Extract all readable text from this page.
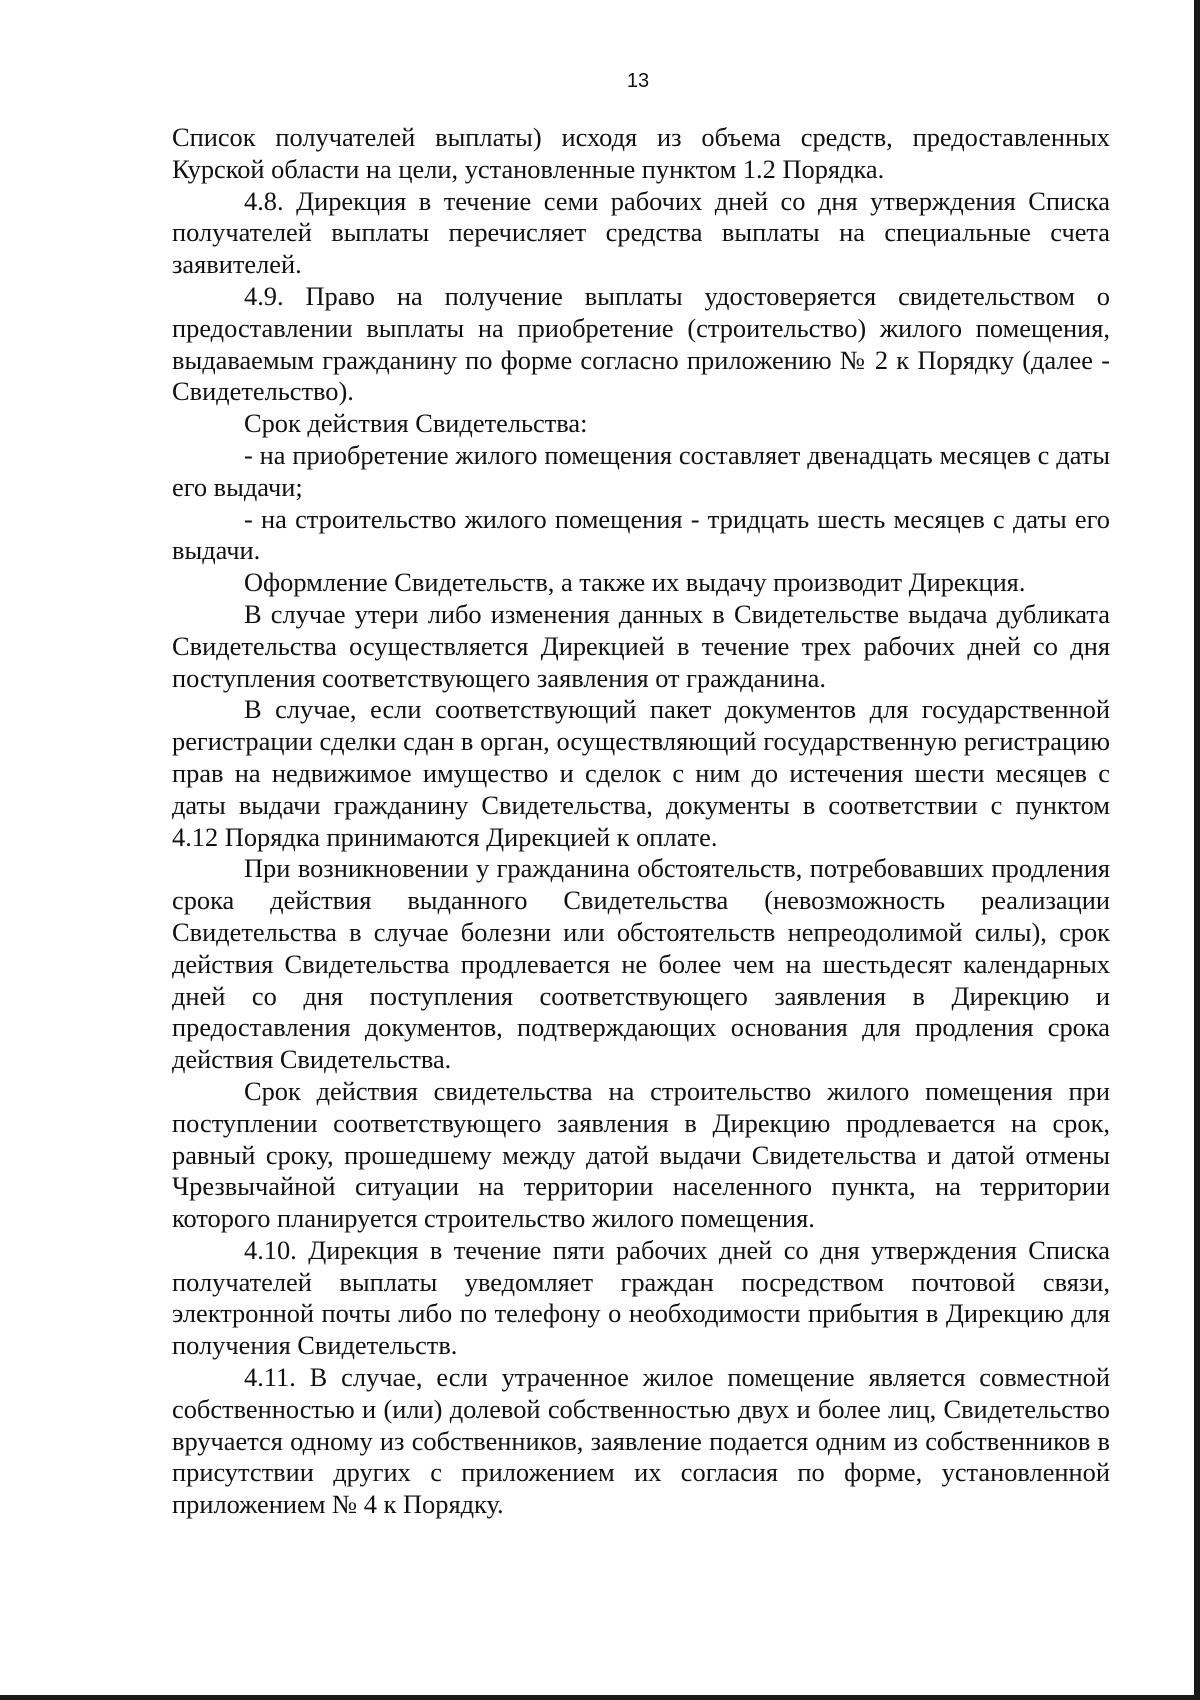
13

Список получателей выплаты) исходя из объема средств, предоставленных Курской области на цели, установленные пунктом 1.2 Порядка.

4.8. Дирекция в течение семи рабочих дней со дня утверждения Списка получателей выплаты перечисляет средства выплаты на специальные счета заявителей.

4.9. Право на получение выплаты удостоверяется свидетельством о предоставлении выплаты на приобретение (строительство) жилого помещения, выдаваемым гражданину по форме согласно приложению № 2 к Порядку (далее - Свидетельство).

Срок действия Свидетельства:

- на приобретение жилого помещения составляет двенадцать месяцев с даты его выдачи;

- на строительство жилого помещения - тридцать шесть месяцев с даты его выдачи.

Оформление Свидетельств, а также их выдачу производит Дирекция.

В случае утери либо изменения данных в Свидетельстве выдача дубликата Свидетельства осуществляется Дирекцией в течение трех рабочих дней со дня поступления соответствующего заявления от гражданина.

В случае, если соответствующий пакет документов для государственной регистрации сделки сдан в орган, осуществляющий государственную регистрацию прав на недвижимое имущество и сделок с ним до истечения шести месяцев с даты выдачи гражданину Свидетельства, документы в соответствии с пунктом 4.12 Порядка принимаются Дирекцией к оплате.

При возникновении у гражданина обстоятельств, потребовавших продления срока действия выданного Свидетельства (невозможность реализации Свидетельства в случае болезни или обстоятельств непреодолимой силы), срок действия Свидетельства продлевается не более чем на шестьдесят календарных дней со дня поступления соответствующего заявления в Дирекцию и предоставления документов, подтверждающих основания для продления срока действия Свидетельства.

Срок действия свидетельства на строительство жилого помещения при поступлении соответствующего заявления в Дирекцию продлевается на срок, равный сроку, прошедшему между датой выдачи Свидетельства и датой отмены Чрезвычайной ситуации на территории населенного пункта, на территории которого планируется строительство жилого помещения.

4.10. Дирекция в течение пяти рабочих дней со дня утверждения Списка получателей выплаты уведомляет граждан посредством почтовой связи, электронной почты либо по телефону о необходимости прибытия в Дирекцию для получения Свидетельств.

4.11. В случае, если утраченное жилое помещение является совместной собственностью и (или) долевой собственностью двух и более лиц, Свидетельство вручается одному из собственников, заявление подается одним из собственников в присутствии других с приложением их согласия по форме, установленной приложением № 4 к Порядку.
